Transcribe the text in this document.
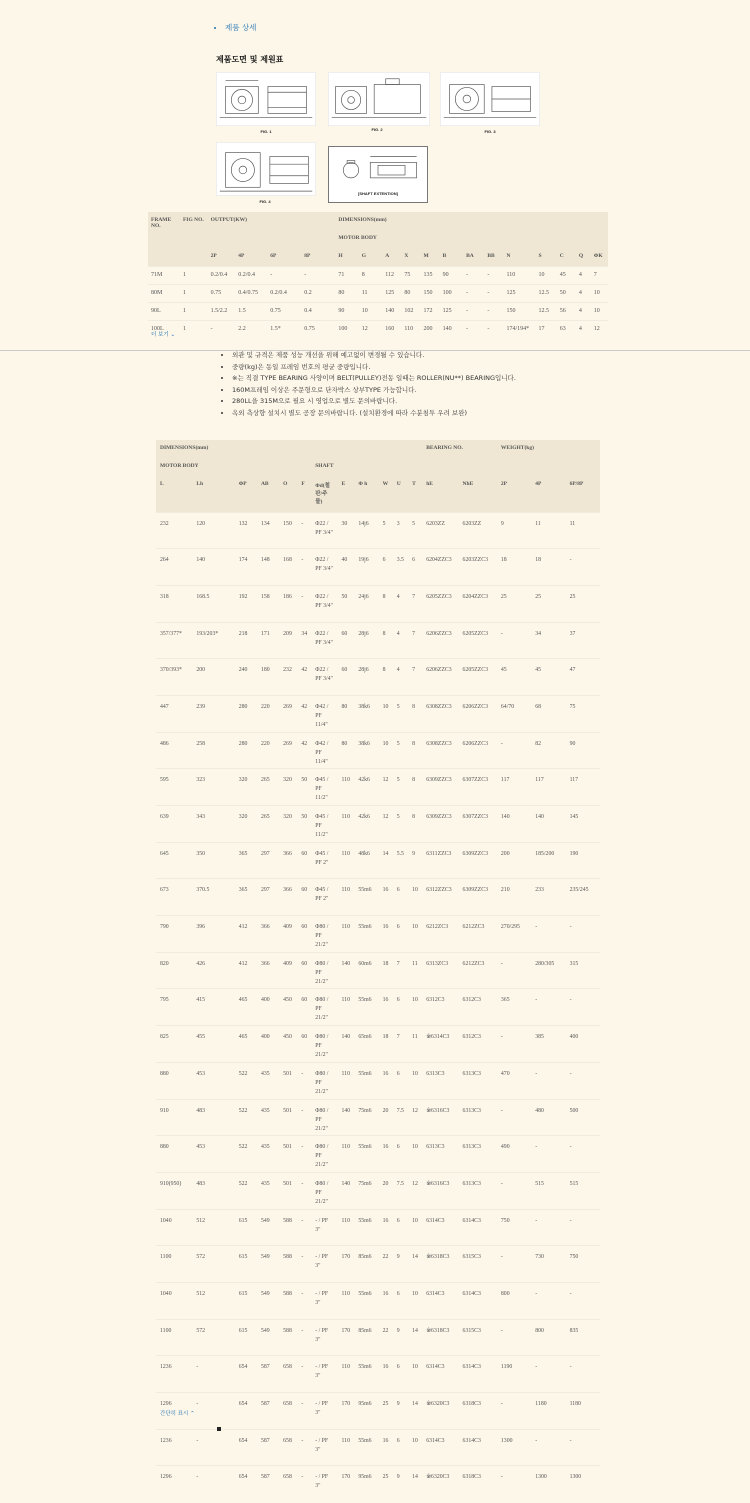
• 제품 상세
제품도면 및 제원표
FIG. 1	FIG. 2	FIG. 3
FIG. 4
[SHAFT EXTENTION]
FRAME NO.	FIG NO.	OUTPUT(KW)				DIMENSIONS(mm)												
						MOTOR BODY												
		2P	4P	6P	8P	H	G	A	X	M	B	BA	BB	N	S	C	Q	ΦK
71M	1	0.2/0.4	0.2/0.4	-	-	71	8	112	75	135	90	-	-	110	10	45	4	7
80M	1	0.75	0.4/0.75	0.2/0.4	0.2	80	11	125	80	150	100	-	-	125	12.5	50	4	10
90L	1	1.5/2.2	1.5	0.75	0.4	90	10	140	102	172	125	-	-	150	12.5	56	4	10
100L	1	-	2.2	1.5*	0.75	100	12	160	110	200	140	-	-	174/194*	17	63	4	12
더 보기 ⌄
• 외관 및 규격은 제품 성능 개선을 위해 예고없이 변경될 수 있습니다.
• 중량(kg)은 동일 프레임 번호의 평균 중량입니다.
• ※는 직결 TYPE BEARING 사양이며 BELT(PULLEY)전동 일때는 ROLLER(NU**) BEARING입니다.
• 160M프레임 이상은 주문형으로 단자박스 상부TYPE 가능합니다.
• 280LL을 315M으로 필요 시 영업으로 별도 문의바랍니다.
• 옥외 측상향 설치시 별도 공장 문의바랍니다. (설치환경에 따라 수분침투 우려 보완)
DIMENSIONS(mm)												BEARING NO.		WEIGHT(kg)		
MOTOR BODY						SHAFT										
L	Lh	ΦP	AB	O	F	Φd(철판/주물)	E	Φ h	W	U	T	hE	NhE	2P	4P	6P/8P
232	120	132	134	150	-	Φ22 / PF 3/4"	30	14j6	5	3	5	6203ZZ	6203ZZ	9	11	11
264	140	174	148	168	-	Φ22 / PF 3/4"	40	19j6	6	3.5	6	6204ZZC3	6203ZZC3	18	18	-
318	168.5	192	158	186	-	Φ22 / PF 3/4"	50	24j6	8	4	7	6205ZZC3	6204ZZC3	25	25	25
357/377*	193/203*	218	171	209	34	Φ22 / PF 3/4"	60	28j6	8	4	7	6206ZZC3	6205ZZC3	-	34	37
370/393*	200	240	180	232	42	Φ22 / PF 3/4"	60	28j6	8	4	7	6206ZZC3	6205ZZC3	45	45	47
447	239	280	220	269	42	Φ42 / PF 11/4"	80	38k6	10	5	8	6308ZZC3	6206ZZC3	64/70	68	75
486	258	280	220	269	42	Φ42 / PF 11/4"	80	38k6	10	5	8	6308ZZC3	6206ZZC3	-	82	90
595	323	320	265	320	50	Φ45 / PF 11/2"	110	42k6	12	5	8	6309ZZC3	6307ZZC3	117	117	117
639	343	320	265	320	50	Φ45 / PF 11/2"	110	42k6	12	5	8	6309ZZC3	6307ZZC3	140	140	145
645	350	365	297	366	60	Φ45 / PF 2"	110	48k6	14	5.5	9	6311ZZC3	6309ZZC3	200	185/200	190
673	370.5	365	297	366	60	Φ45 / PF 2"	110	55m6	16	6	10	6312ZZC3	6309ZZC3	210	233	235/245
790	396	412	366	409	60	Φ80 / PF 21/2"	110	55m6	16	6	10	6212ZC3	6212ZC3	270/295	-	-
820	426	412	366	409	60	Φ80 / PF 21/2"	140	60m6	18	7	11	6313ZC3	6212ZC3	-	280/305	315
795	415	465	400	450	60	Φ80 / PF 21/2"	110	55m6	16	6	10	6312C3	6312C3	365	-	-
825	455	465	400	450	60	Φ80 / PF 21/2"	140	65m6	18	7	11	※6314C3	6312C3	-	385	400
880	453	522	435	501	-	Φ80 / PF 21/2"	110	55m6	16	6	10	6313C3	6313C3	470	-	-
910	483	522	435	501	-	Φ80 / PF 21/2"	140	75m6	20	7.5	12	※6316C3	6313C3	-	480	500
880	453	522	435	501	-	Φ80 / PF 21/2"	110	55m6	16	6	10	6313C3	6313C3	490	-	-
910(950)	483	522	435	501	-	Φ80 / PF 21/2"	140	75m6	20	7.5	12	※6316C3	6313C3	-	515	515
1040	512	615	549	588	-	- / PF 3"	110	55m6	16	6	10	6314C3	6314C3	750	-	-
1100	572	615	549	588	-	- / PF 3"	170	85m6	22	9	14	※6318C3	6315C3	-	730	750
1040	512	615	549	588	-	- / PF 3"	110	55m6	16	6	10	6314C3	6314C3	800	-	-
1100	572	615	549	588	-	- / PF 3"	170	85m6	22	9	14	※6318C3	6315C3	-	800	835
1236	-	654	587	658	-	- / PF 3"	110	55m6	16	6	10	6314C3	6314C3	1190	-	-
1296	-	654	587	658	-	- / PF 3"	170	95m6	25	9	14	※6320C3	6318C3	-	1180	1180
1236	-	654	587	658	-	- / PF 3"	110	55m6	16	6	10	6314C3	6314C3	1300	-	-
1296	-	654	587	658	-	- / PF 3"	170	95m6	25	9	14	※6320C3	6318C3	-	1300	1300
간단히 표시 ⌃
